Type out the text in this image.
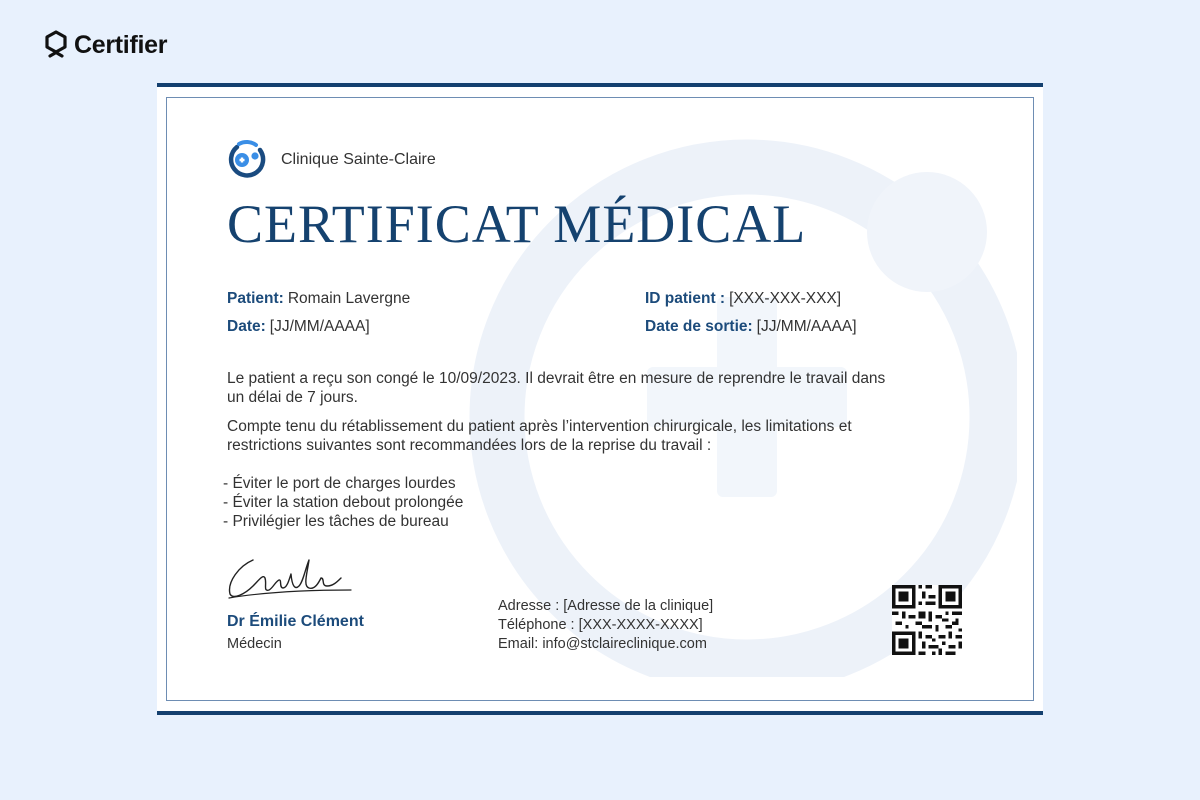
Certifier
Clinique Sainte-Claire
CERTIFICAT MÉDICAL
Patient: Romain Lavergne
Date: [JJ/MM/AAAA]
ID patient : [XXX-XXX-XXX]
Date de sortie: [JJ/MM/AAAA]

Le patient a reçu son congé le 10/09/2023. Il devrait être en mesure de reprendre le travail dans un délai de 7 jours.

Compte tenu du rétablissement du patient après l’intervention chirurgicale, les limitations et restrictions suivantes sont recommandées lors de la reprise du travail :

- Éviter le port de charges lourdes
- Éviter la station debout prolongée
- Privilégier les tâches de bureau
Dr Émilie Clément
Médecin
Adresse : [Adresse de la clinique]
Téléphone : [XXX-XXXX-XXXX]
Email: info@stclaireclinique.com
